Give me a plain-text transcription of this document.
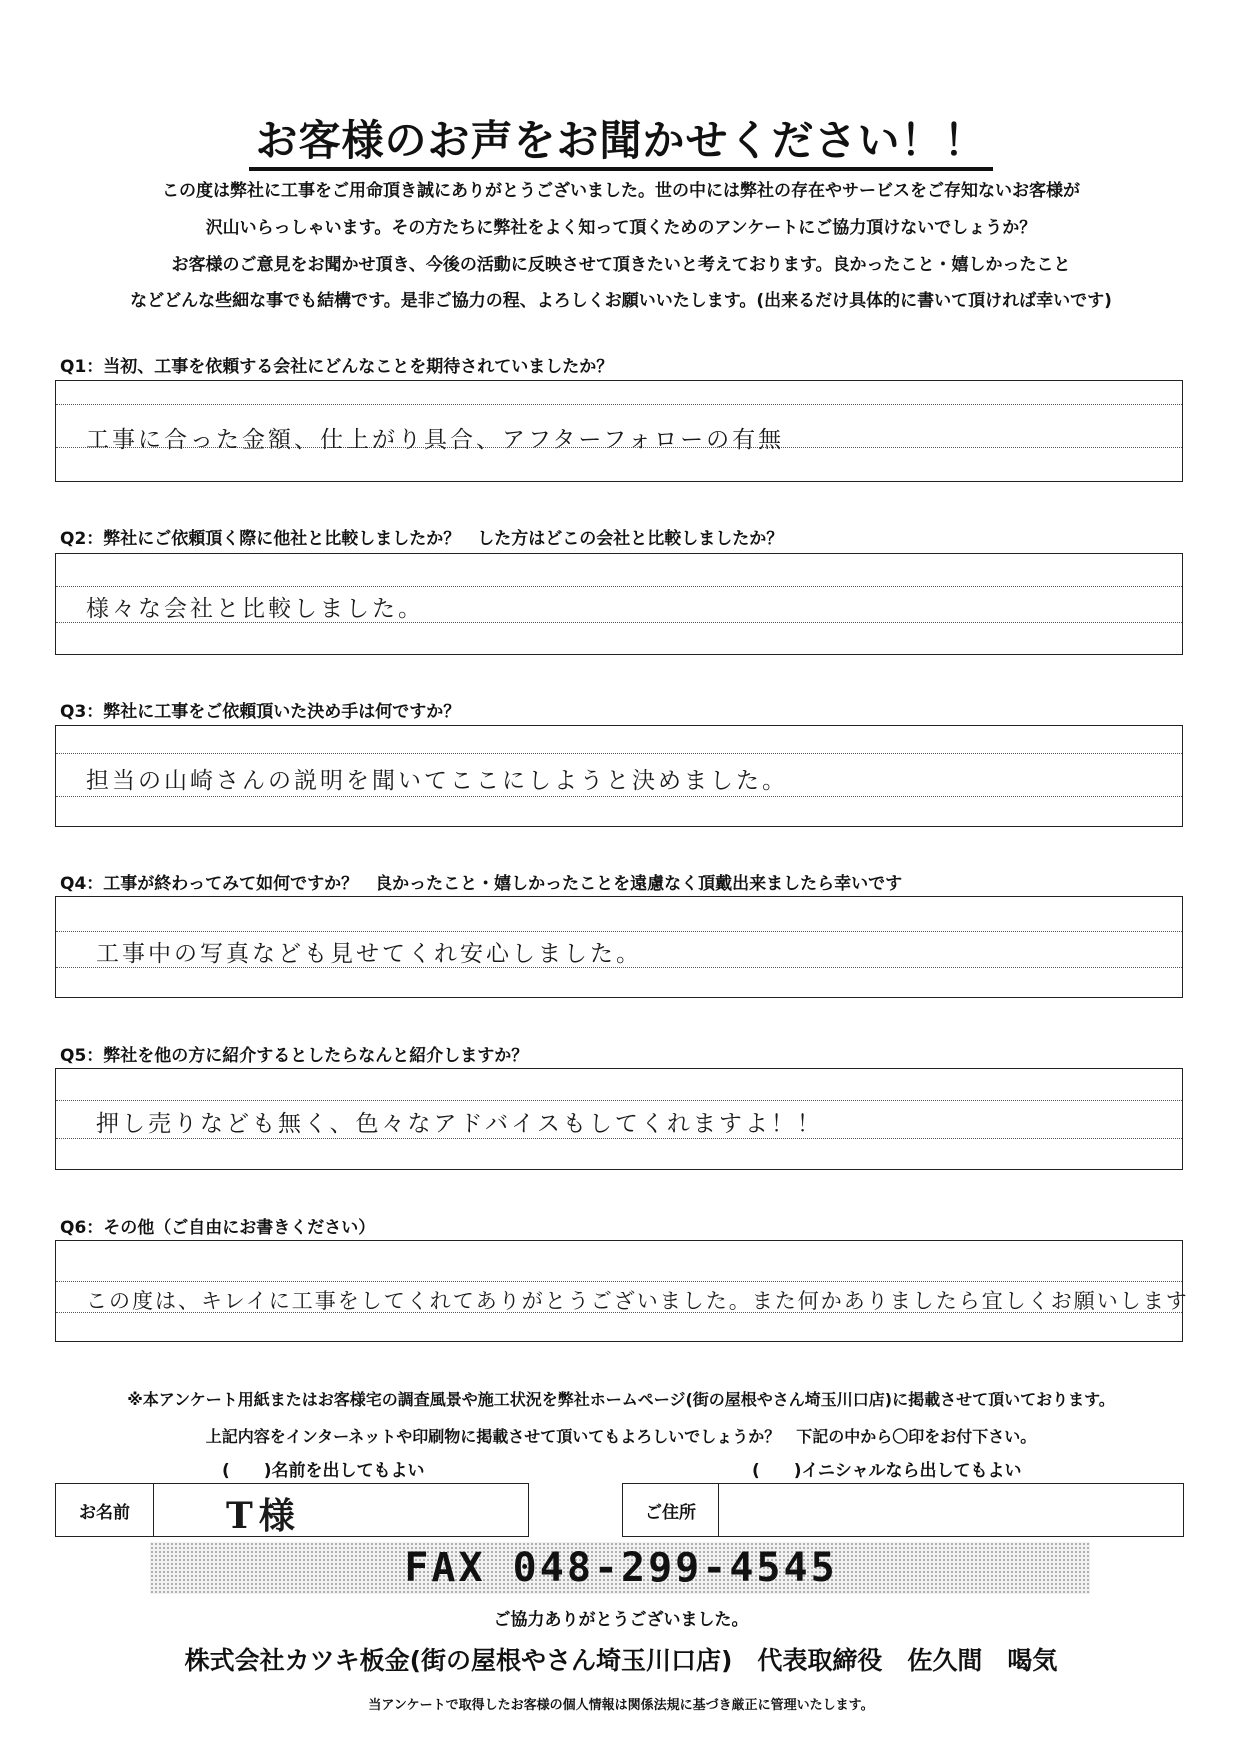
お客様のお声をお聞かせください！！
この度は弊社に工事をご用命頂き誠にありがとうございました。世の中には弊社の存在やサービスをご存知ないお客様が
沢山いらっしゃいます。その方たちに弊社をよく知って頂くためのアンケートにご協力頂けないでしょうか？
お客様のご意見をお聞かせ頂き、今後の活動に反映させて頂きたいと考えております。良かったこと・嬉しかったこと
などどんな些細な事でも結構です。是非ご協力の程、よろしくお願いいたします。(出来るだけ具体的に書いて頂ければ幸いです)
Q1：当初、工事を依頼する会社にどんなことを期待されていましたか？
工事に合った金額、仕上がり具合、アフターフォローの有無
Q2：弊社にご依頼頂く際に他社と比較しましたか？　した方はどこの会社と比較しましたか？
様々な会社と比較しました。
Q3：弊社に工事をご依頼頂いた決め手は何ですか？
担当の山崎さんの説明を聞いてここにしようと決めました。
Q4：工事が終わってみて如何ですか？　良かったこと・嬉しかったことを遠慮なく頂戴出来ましたら幸いです
工事中の写真なども見せてくれ安心しました。
Q5：弊社を他の方に紹介するとしたらなんと紹介しますか？
押し売りなども無く、色々なアドバイスもしてくれますよ！！
Q6：その他（ご自由にお書きください）
この度は、キレイに工事をしてくれてありがとうございました。また何かありましたら宜しくお願いします
※本アンケート用紙またはお客様宅の調査風景や施工状況を弊社ホームページ(街の屋根やさん埼玉川口店)に掲載させて頂いております。
上記内容をインターネットや印刷物に掲載させて頂いてもよろしいでしょうか？　下記の中から〇印をお付下さい。
(　　)名前を出してもよい	(　　)イニシャルなら出してもよい
お名前	T様	ご住所
FAX 048-299-4545
ご協力ありがとうございました。
株式会社カツキ板金(街の屋根やさん埼玉川口店)　代表取締役　佐久間　喝気
当アンケートで取得したお客様の個人情報は関係法規に基づき厳正に管理いたします。
